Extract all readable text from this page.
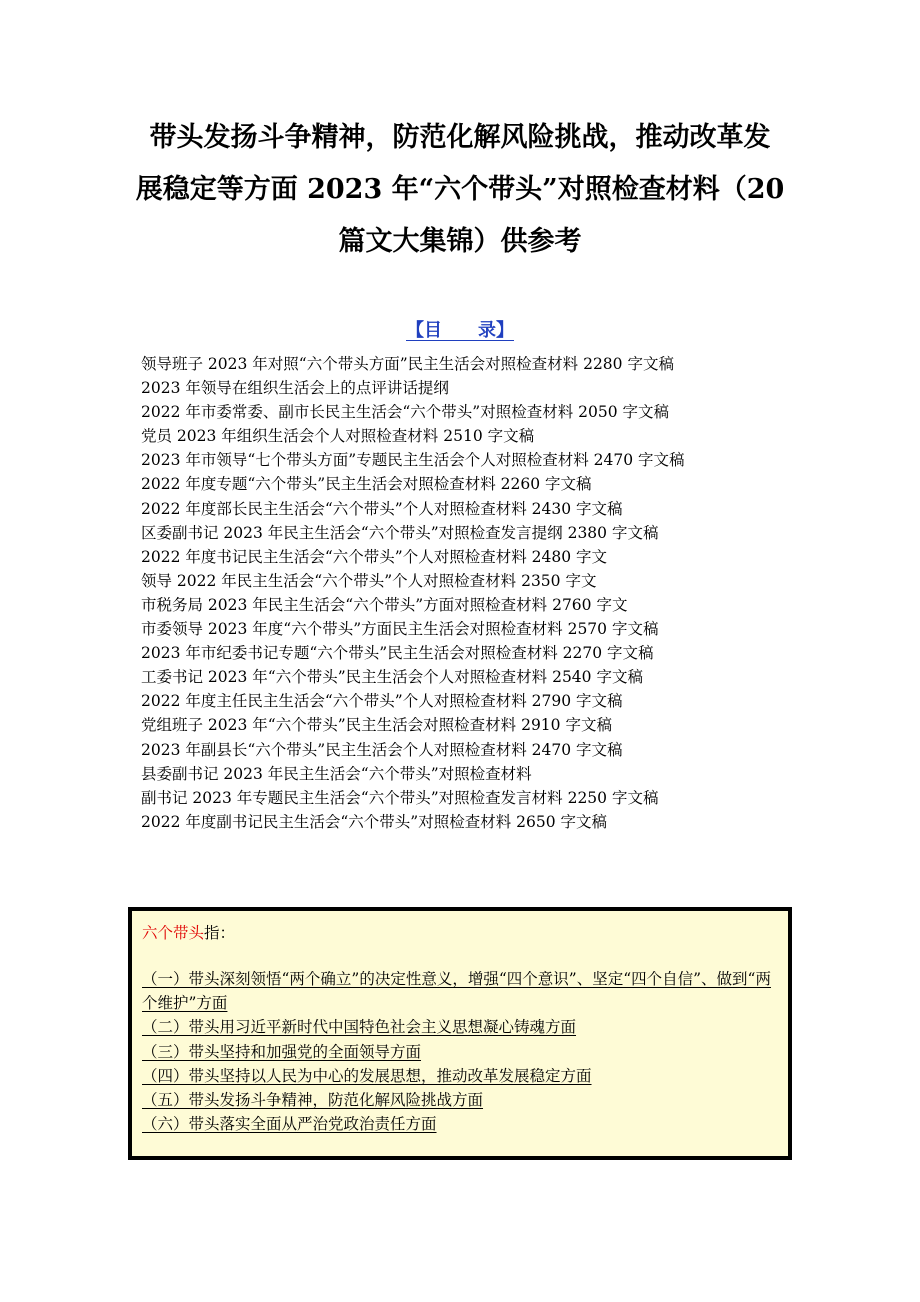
带头发扬斗争精神，防范化解风险挑战，推动改革发
展稳定等方面 2023 年“六个带头”对照检查材料（20
篇文大集锦）供参考
【目　　录】
领导班子 2023 年对照“六个带头方面”民主生活会对照检查材料 2280 字文稿
2023 年领导在组织生活会上的点评讲话提纲
2022 年市委常委、副市长民主生活会“六个带头”对照检查材料 2050 字文稿
党员 2023 年组织生活会个人对照检查材料 2510 字文稿
2023 年市领导“七个带头方面”专题民主生活会个人对照检查材料 2470 字文稿
2022 年度专题“六个带头”民主生活会对照检查材料 2260 字文稿
2022 年度部长民主生活会“六个带头”个人对照检查材料 2430 字文稿
区委副书记 2023 年民主生活会“六个带头”对照检查发言提纲 2380 字文稿
2022 年度书记民主生活会“六个带头”个人对照检查材料 2480 字文
领导 2022 年民主生活会“六个带头”个人对照检查材料 2350 字文
市税务局 2023 年民主生活会“六个带头”方面对照检查材料 2760 字文
市委领导 2023 年度“六个带头”方面民主生活会对照检查材料 2570 字文稿
2023 年市纪委书记专题“六个带头”民主生活会对照检查材料 2270 字文稿
工委书记 2023 年“六个带头”民主生活会个人对照检查材料 2540 字文稿
2022 年度主任民主生活会“六个带头”个人对照检查材料 2790 字文稿
党组班子 2023 年“六个带头”民主生活会对照检查材料 2910 字文稿
2023 年副县长“六个带头”民主生活会个人对照检查材料 2470 字文稿
县委副书记 2023 年民主生活会“六个带头”对照检查材料
副书记 2023 年专题民主生活会“六个带头”对照检查发言材料 2250 字文稿
2022 年度副书记民主生活会“六个带头”对照检查材料 2650 字文稿
六个带头指：
（一）带头深刻领悟“两个确立”的决定性意义，增强“四个意识”、坚定“四个自信”、做到“两个维护”方面
（二）带头用习近平新时代中国特色社会主义思想凝心铸魂方面
（三）带头坚持和加强党的全面领导方面
（四）带头坚持以人民为中心的发展思想，推动改革发展稳定方面
（五）带头发扬斗争精神，防范化解风险挑战方面
（六）带头落实全面从严治党政治责任方面
